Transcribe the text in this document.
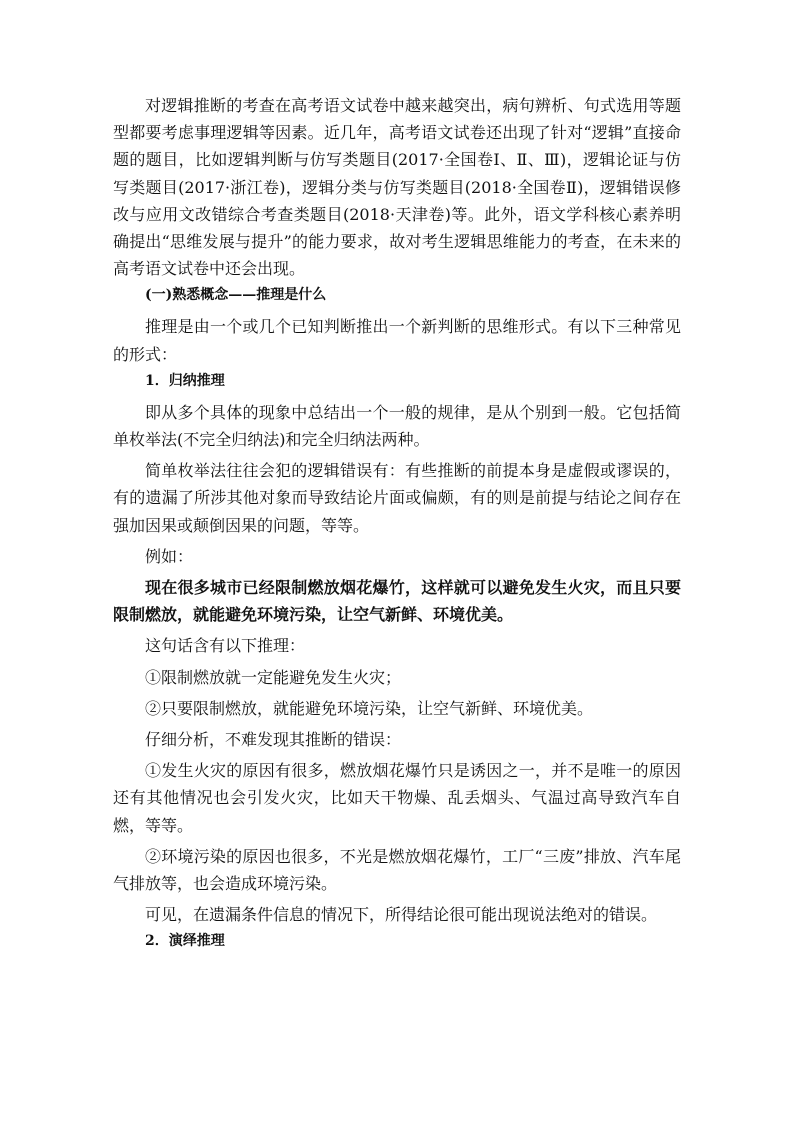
对逻辑推断的考查在高考语文试卷中越来越突出，病句辨析、句式选用等题型都要考虑事理逻辑等因素。近几年，高考语文试卷还出现了针对“逻辑”直接命题的题目，比如逻辑判断与仿写类题目(2017·全国卷Ⅰ、Ⅱ、Ⅲ)，逻辑论证与仿写类题目(2017·浙江卷)，逻辑分类与仿写类题目(2018·全国卷Ⅱ)，逻辑错误修改与应用文改错综合考查类题目(2018·天津卷)等。此外，语文学科核心素养明确提出“思维发展与提升”的能力要求，故对考生逻辑思维能力的考查，在未来的高考语文试卷中还会出现。

(一)熟悉概念——推理是什么

推理是由一个或几个已知判断推出一个新判断的思维形式。有以下三种常见的形式：

1．归纳推理

即从多个具体的现象中总结出一个一般的规律，是从个别到一般。它包括简单枚举法(不完全归纳法)和完全归纳法两种。

简单枚举法往往会犯的逻辑错误有：有些推断的前提本身是虚假或谬误的，有的遗漏了所涉其他对象而导致结论片面或偏颇，有的则是前提与结论之间存在强加因果或颠倒因果的问题，等等。

例如：

现在很多城市已经限制燃放烟花爆竹，这样就可以避免发生火灾，而且只要限制燃放，就能避免环境污染，让空气新鲜、环境优美。

这句话含有以下推理：

①限制燃放就一定能避免发生火灾；

②只要限制燃放，就能避免环境污染，让空气新鲜、环境优美。

仔细分析，不难发现其推断的错误：

①发生火灾的原因有很多，燃放烟花爆竹只是诱因之一，并不是唯一的原因还有其他情况也会引发火灾，比如天干物燥、乱丢烟头、气温过高导致汽车自燃，等等。

②环境污染的原因也很多，不光是燃放烟花爆竹，工厂“三废”排放、汽车尾气排放等，也会造成环境污染。

可见，在遗漏条件信息的情况下，所得结论很可能出现说法绝对的错误。

2．演绎推理
